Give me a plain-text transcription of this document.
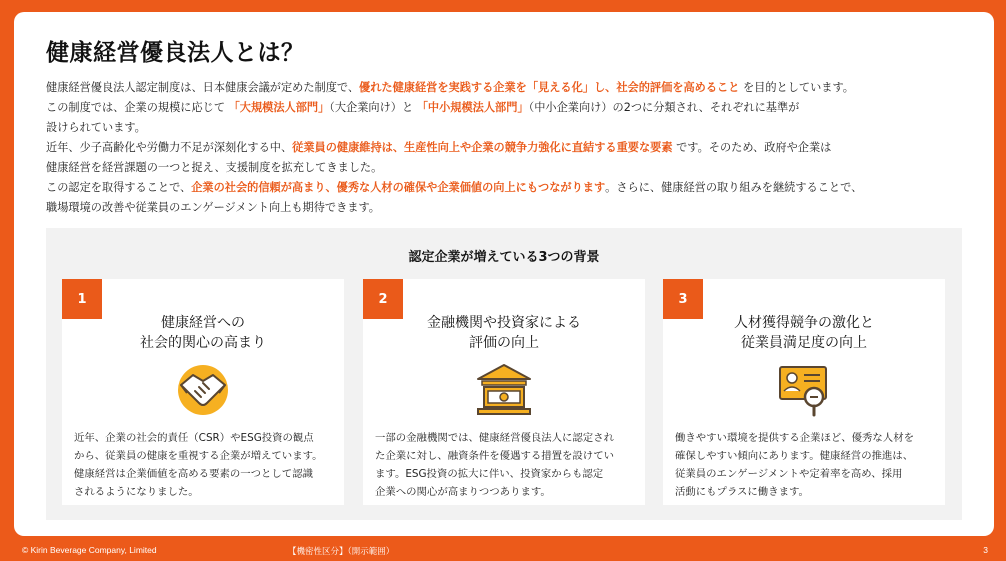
健康経営優良法人とは？

健康経営優良法人認定制度は、日本健康会議が定めた制度で、優れた健康経営を実践する企業を「見える化」し、社会的評価を高めること を目的としています。

この制度では、企業の規模に応じて 「大規模法人部門」（大企業向け）と 「中小規模法人部門」（中小企業向け）の2つに分類され、それぞれに基準が

設けられています。

近年、少子高齢化や労働力不足が深刻化する中、従業員の健康維持は、生産性向上や企業の競争力強化に直結する重要な要素 です。そのため、政府や企業は

健康経営を経営課題の一つと捉え、支援制度を拡充してきました。

この認定を取得することで、企業の社会的信頼が高まり、優秀な人材の確保や企業価値の向上にもつながります。さらに、健康経営の取り組みを継続することで、

職場環境の改善や従業員のエンゲージメント向上も期待できます。

認定企業が増えている3つの背景
1
健康経営への
社会的関心の高まり
近年、企業の社会的責任（CSR）やESG投資の観点
から、従業員の健康を重視する企業が増えています。
健康経営は企業価値を高める要素の一つとして認識
されるようになりました。
2
金融機関や投資家による
評価の向上
一部の金融機関では、健康経営優良法人に認定され
た企業に対し、融資条件を優遇する措置を設けてい
ます。ESG投資の拡大に伴い、投資家からも認定
企業への関心が高まりつつあります。
3
人材獲得競争の激化と
従業員満足度の向上
働きやすい環境を提供する企業ほど、優秀な人材を
確保しやすい傾向にあります。健康経営の推進は、
従業員のエンゲージメントや定着率を高め、採用
活動にもプラスに働きます。
© Kirin Beverage Company, Limited	【機密性区分】（開示範囲）	3
